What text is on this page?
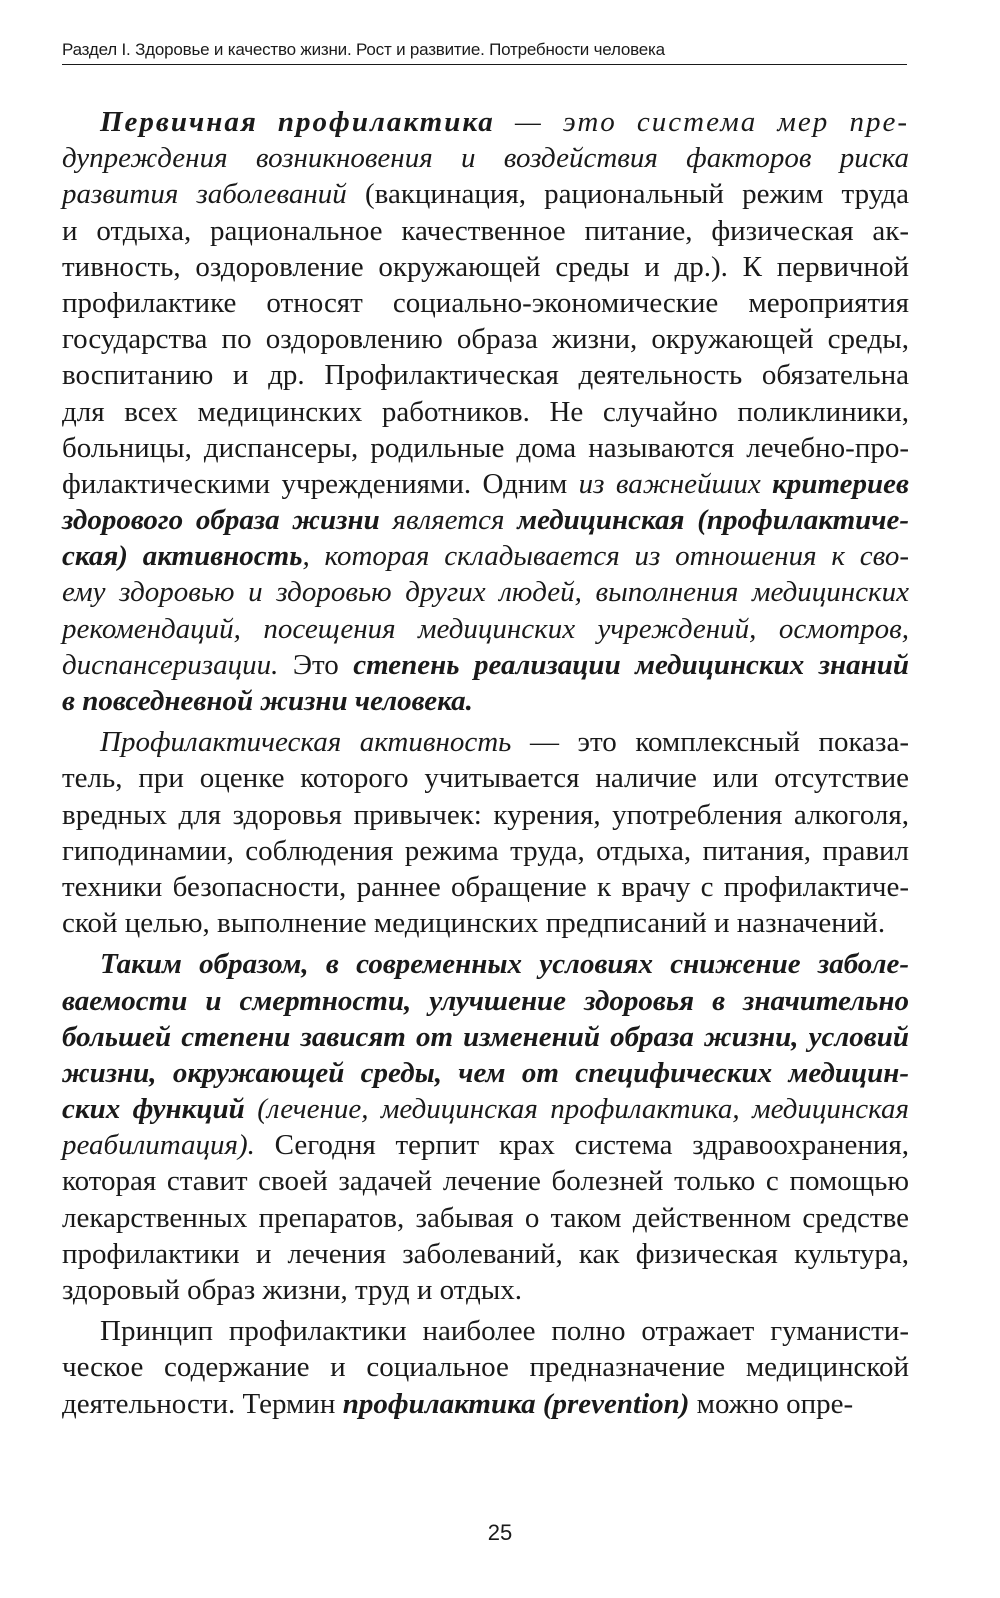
Раздел I. Здоровье и качество жизни. Рост и развитие. Потребности человека
Первичная профилактика — это система мер пре-
дупреждения возникновения и воздействия факторов риска
развития заболеваний (вакцинация, рациональный режим труда
и отдыха, рациональное качественное питание, физическая ак-
тивность, оздоровление окружающей среды и др.). К первичной
профилактике относят социально-экономические мероприятия
государства по оздоровлению образа жизни, окружающей среды,
воспитанию и др. Профилактическая деятельность обязательна
для всех медицинских работников. Не случайно поликлиники,
больницы, диспансеры, родильные дома называются лечебно-про-
филактическими учреждениями. Одним из важнейших критериев
здорового образа жизни является медицинская (профилактиче-
ская) активность, которая складывается из отношения к сво-
ему здоровью и здоровью других людей, выполнения медицинских
рекомендаций, посещения медицинских учреждений, осмотров,
диспансеризации. Это степень реализации медицинских знаний
в повседневной жизни человека.
Профилактическая активность — это комплексный показа-
тель, при оценке которого учитывается наличие или отсутствие
вредных для здоровья привычек: курения, употребления алкоголя,
гиподинамии, соблюдения режима труда, отдыха, питания, правил
техники безопасности, раннее обращение к врачу с профилактиче-
ской целью, выполнение медицинских предписаний и назначений.
Таким образом, в современных условиях снижение заболе-
ваемости и смертности, улучшение здоровья в значительно
большей степени зависят от изменений образа жизни, условий
жизни, окружающей среды, чем от специфических медицин-
ских функций (лечение, медицинская профилактика, медицинская
реабилитация). Сегодня терпит крах система здравоохранения,
которая ставит своей задачей лечение болезней только с помощью
лекарственных препаратов, забывая о таком действенном средстве
профилактики и лечения заболеваний, как физическая культура,
здоровый образ жизни, труд и отдых.
Принцип профилактики наиболее полно отражает гуманисти-
ческое содержание и социальное предназначение медицинской
деятельности. Термин профилактика (prevention) можно опре-
25
